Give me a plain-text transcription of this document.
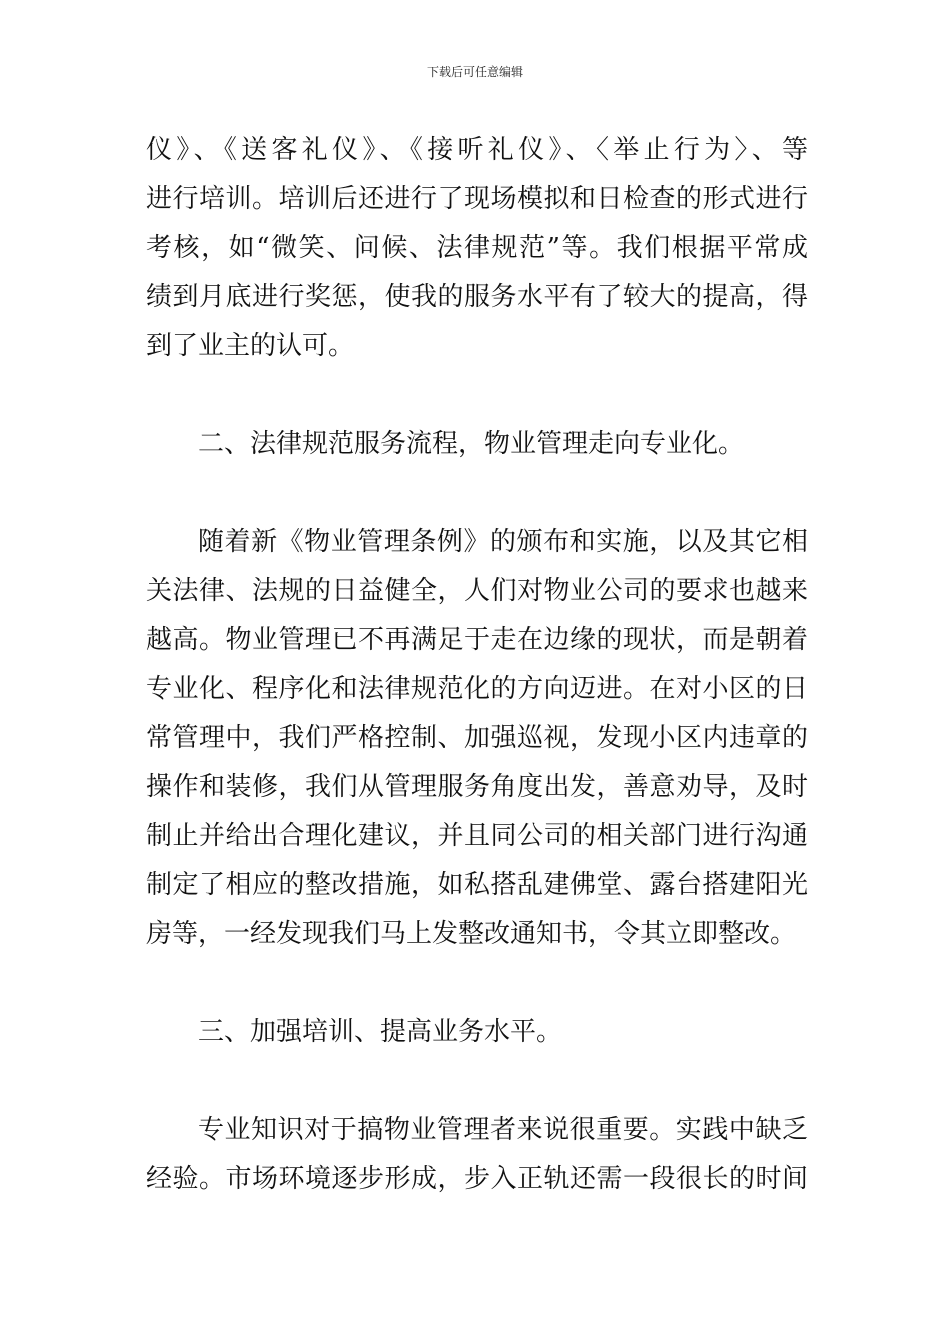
下载后可任意编辑
仪》、《送客礼仪》、《接听礼仪》、〈举止行为〉、等
进行培训。培训后还进行了现场模拟和日检查的形式进行
考核，如“微笑、问候、法律规范”等。我们根据平常成
绩到月底进行奖惩，使我的服务水平有了较大的提高，得
到了业主的认可。
二、法律规范服务流程，物业管理走向专业化。
随着新《物业管理条例》的颁布和实施，以及其它相
关法律、法规的日益健全，人们对物业公司的要求也越来
越高。物业管理已不再满足于走在边缘的现状，而是朝着
专业化、程序化和法律规范化的方向迈进。在对小区的日
常管理中，我们严格控制、加强巡视，发现小区内违章的
操作和装修，我们从管理服务角度出发，善意劝导，及时
制止并给出合理化建议，并且同公司的相关部门进行沟通
制定了相应的整改措施，如私搭乱建佛堂、露台搭建阳光
房等，一经发现我们马上发整改通知书，令其立即整改。
三、加强培训、提高业务水平。
专业知识对于搞物业管理者来说很重要。实践中缺乏
经验。市场环境逐步形成，步入正轨还需一段很长的时间
